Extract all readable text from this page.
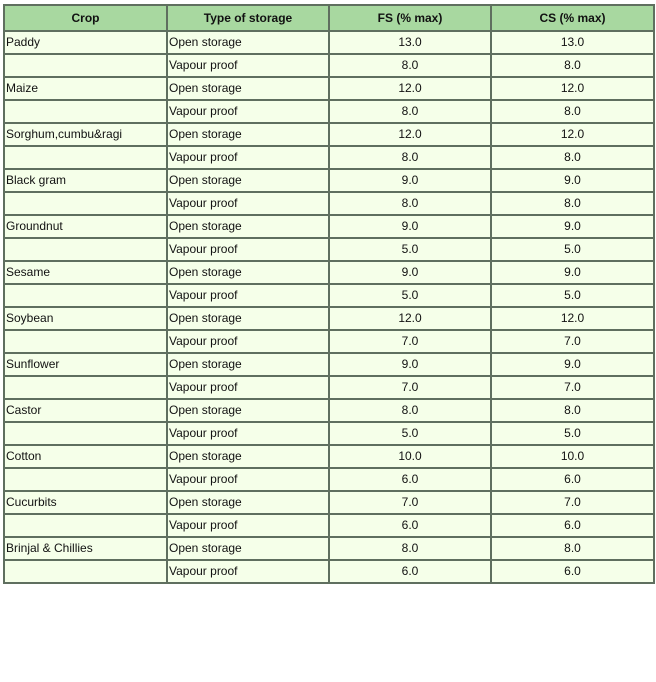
Crop	Type of storage	FS (% max)	CS (% max)
Paddy	Open storage	13.0	13.0
	Vapour proof	8.0	8.0
Maize	Open storage	12.0	12.0
	Vapour proof	8.0	8.0
Sorghum,cumbu&ragi	Open storage	12.0	12.0
	Vapour proof	8.0	8.0
Black gram	Open storage	9.0	9.0
	Vapour proof	8.0	8.0
Groundnut	Open storage	9.0	9.0
	Vapour proof	5.0	5.0
Sesame	Open storage	9.0	9.0
	Vapour proof	5.0	5.0
Soybean	Open storage	12.0	12.0
	Vapour proof	7.0	7.0
Sunflower	Open storage	9.0	9.0
	Vapour proof	7.0	7.0
Castor	Open storage	8.0	8.0
	Vapour proof	5.0	5.0
Cotton	Open storage	10.0	10.0
	Vapour proof	6.0	6.0
Cucurbits	Open storage	7.0	7.0
	Vapour proof	6.0	6.0
Brinjal & Chillies	Open storage	8.0	8.0
	Vapour proof	6.0	6.0
